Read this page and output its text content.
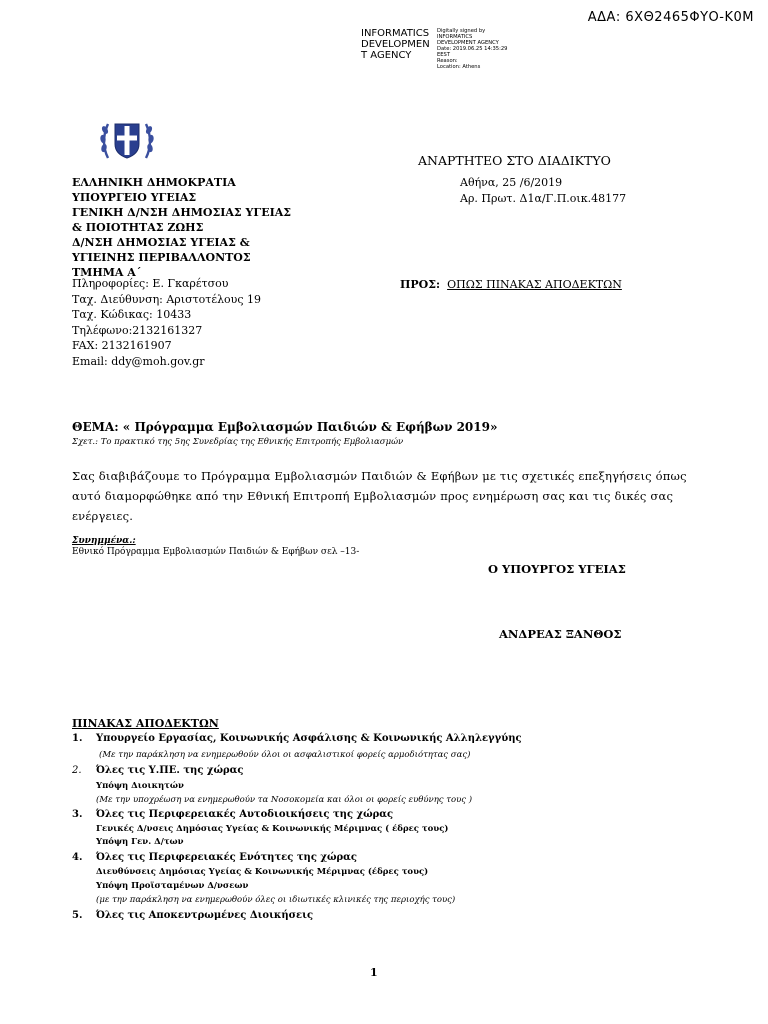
ΑΔΑ: 6ΧΘ2465ΦΥΟ-Κ0Μ
INFORMATICS DEVELOPMEN T AGENCY
Digitally signed by
INFORMATICS
DEVELOPMENT AGENCY
Date: 2019.06.25 14:35:29
EEST
Reason:
Location: Athens
ΑΝΑΡΤΗΤΕΟ ΣΤΟ ΔΙΑΔΙΚΤΥΟ
ΕΛΛΗΝΙΚΗ ΔΗΜΟΚΡΑΤΙΑ
ΥΠΟΥΡΓΕΙΟ ΥΓΕΙΑΣ
ΓΕΝΙΚΗ Δ/ΝΣΗ ΔΗΜΟΣΙΑΣ ΥΓΕΙΑΣ
& ΠΟΙΟΤΗΤΑΣ ΖΩΗΣ
Δ/ΝΣΗ ΔΗΜΟΣΙΑΣ ΥΓΕΙΑΣ &
ΥΓΙΕΙΝΗΣ ΠΕΡΙΒΑΛΛΟΝΤΟΣ
ΤΜΗΜΑ Α΄
Αθήνα, 25 /6/2019
Αρ. Πρωτ. Δ1α/Γ.Π.οικ.48177
Πληροφορίες: Ε. Γκαρέτσου
Ταχ. Διεύθυνση: Αριστοτέλους 19
Ταχ. Κώδικας: 10433
Τηλέφωνο:2132161327
FAX: 2132161907
Email: ddy@moh.gov.gr
ΠΡΟΣ: ΟΠΩΣ ΠΙΝΑΚΑΣ ΑΠΟΔΕΚΤΩΝ
ΘΕΜΑ: « Πρόγραμμα Εμβολιασμών Παιδιών & Εφήβων 2019»
Σχετ.: Το πρακτικό της 5ης Συνεδρίας της Εθνικής Επιτροπής Εμβολιασμών
Σας διαβιβάζουμε το Πρόγραμμα Εμβολιασμών Παιδιών & Εφήβων με τις σχετικές επεξηγήσεις όπως αυτό διαμορφώθηκε από την Εθνική Επιτροπή Εμβολιασμών προς ενημέρωση σας και τις δικές σας ενέργειες.
Συνημμένα.:
Εθνικό Πρόγραμμα Εμβολιασμών Παιδιών & Εφήβων σελ –13-
Ο ΥΠΟΥΡΓΟΣ ΥΓΕΙΑΣ
ΑΝΔΡΕΑΣ ΞΑΝΘΟΣ
ΠΙΝΑΚΑΣ ΑΠΟΔΕΚΤΩΝ
1. Υπουργείο Εργασίας, Κοινωνικής Ασφάλισης & Κοινωνικής Αλληλεγγύης
(Με την παράκληση να ενημερωθούν όλοι οι ασφαλιστικοί φορείς αρμοδιότητας σας)
2. Όλες τις Υ.ΠΕ. της χώρας
Υπόψη Διοικητών
(Με την υποχρέωση να ενημερωθούν τα Νοσοκομεία και όλοι οι φορείς ευθύνης τους )
3. Όλες τις Περιφερειακές Αυτοδιοικήσεις της χώρας
Γενικές Δ/νσεις Δημόσιας Υγείας & Κοινωνικής Μέριμνας ( έδρες τους)
Υπόψη Γεν. Δ/των
4. Όλες τις Περιφερειακές Ενότητες της χώρας
Διευθύνσεις Δημόσιας Υγείας & Κοινωνικής Μέριμνας (έδρες τους)
Υπόψη Προϊσταμένων Δ/νσεων
(με την παράκληση να ενημερωθούν όλες οι ιδιωτικές κλινικές της περιοχής τους)
5. Όλες τις Αποκεντρωμένες Διοικήσεις
1
